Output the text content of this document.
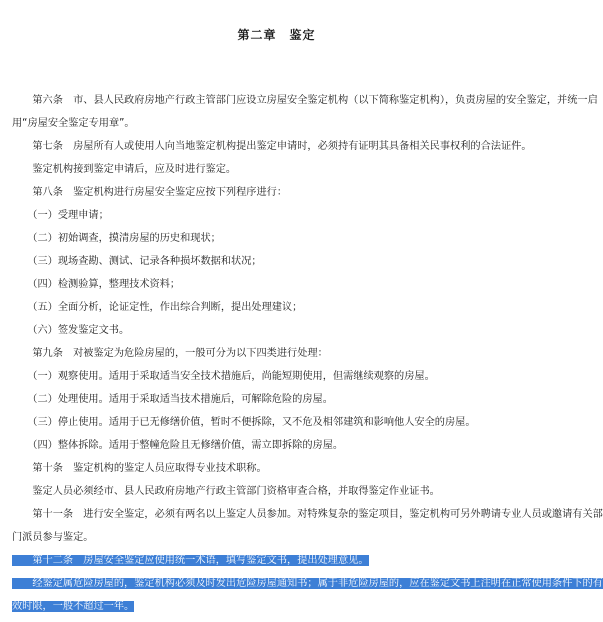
第二章　鉴定
　　第六条　市、县人民政府房地产行政主管部门应设立房屋安全鉴定机构（以下简称鉴定机构），负责房屋的安全鉴定，并统一启
用“房屋安全鉴定专用章”。
　　第七条　房屋所有人或使用人向当地鉴定机构提出鉴定申请时，必须持有证明其具备相关民事权利的合法证件。
　　鉴定机构接到鉴定申请后，应及时进行鉴定。
　　第八条　鉴定机构进行房屋安全鉴定应按下列程序进行：
　　（一）受理申请；
　　（二）初始调查，摸清房屋的历史和现状；
　　（三）现场查勘、测试、记录各种损坏数据和状况；
　　（四）检测验算，整理技术资料；
　　（五）全面分析，论证定性，作出综合判断，提出处理建议；
　　（六）签发鉴定文书。
　　第九条　对被鉴定为危险房屋的，一般可分为以下四类进行处理：
　　（一）观察使用。适用于采取适当安全技术措施后，尚能短期使用，但需继续观察的房屋。
　　（二）处理使用。适用于采取适当技术措施后，可解除危险的房屋。
　　（三）停止使用。适用于已无修缮价值，暂时不便拆除，又不危及相邻建筑和影响他人安全的房屋。
　　（四）整体拆除。适用于整幢危险且无修缮价值，需立即拆除的房屋。
　　第十条　鉴定机构的鉴定人员应取得专业技术职称。
　　鉴定人员必须经市、县人民政府房地产行政主管部门资格审查合格，并取得鉴定作业证书。
　　第十一条　进行安全鉴定，必须有两名以上鉴定人员参加。对特殊复杂的鉴定项目，鉴定机构可另外聘请专业人员或邀请有关部
门派员参与鉴定。
　　第十二条　房屋安全鉴定应使用统一术语，填写鉴定文书，提出处理意见。
　　经鉴定属危险房屋的，鉴定机构必须及时发出危险房屋通知书；属于非危险房屋的，应在鉴定文书上注明在正常使用条件下的有
效时限，一般不超过一年。
